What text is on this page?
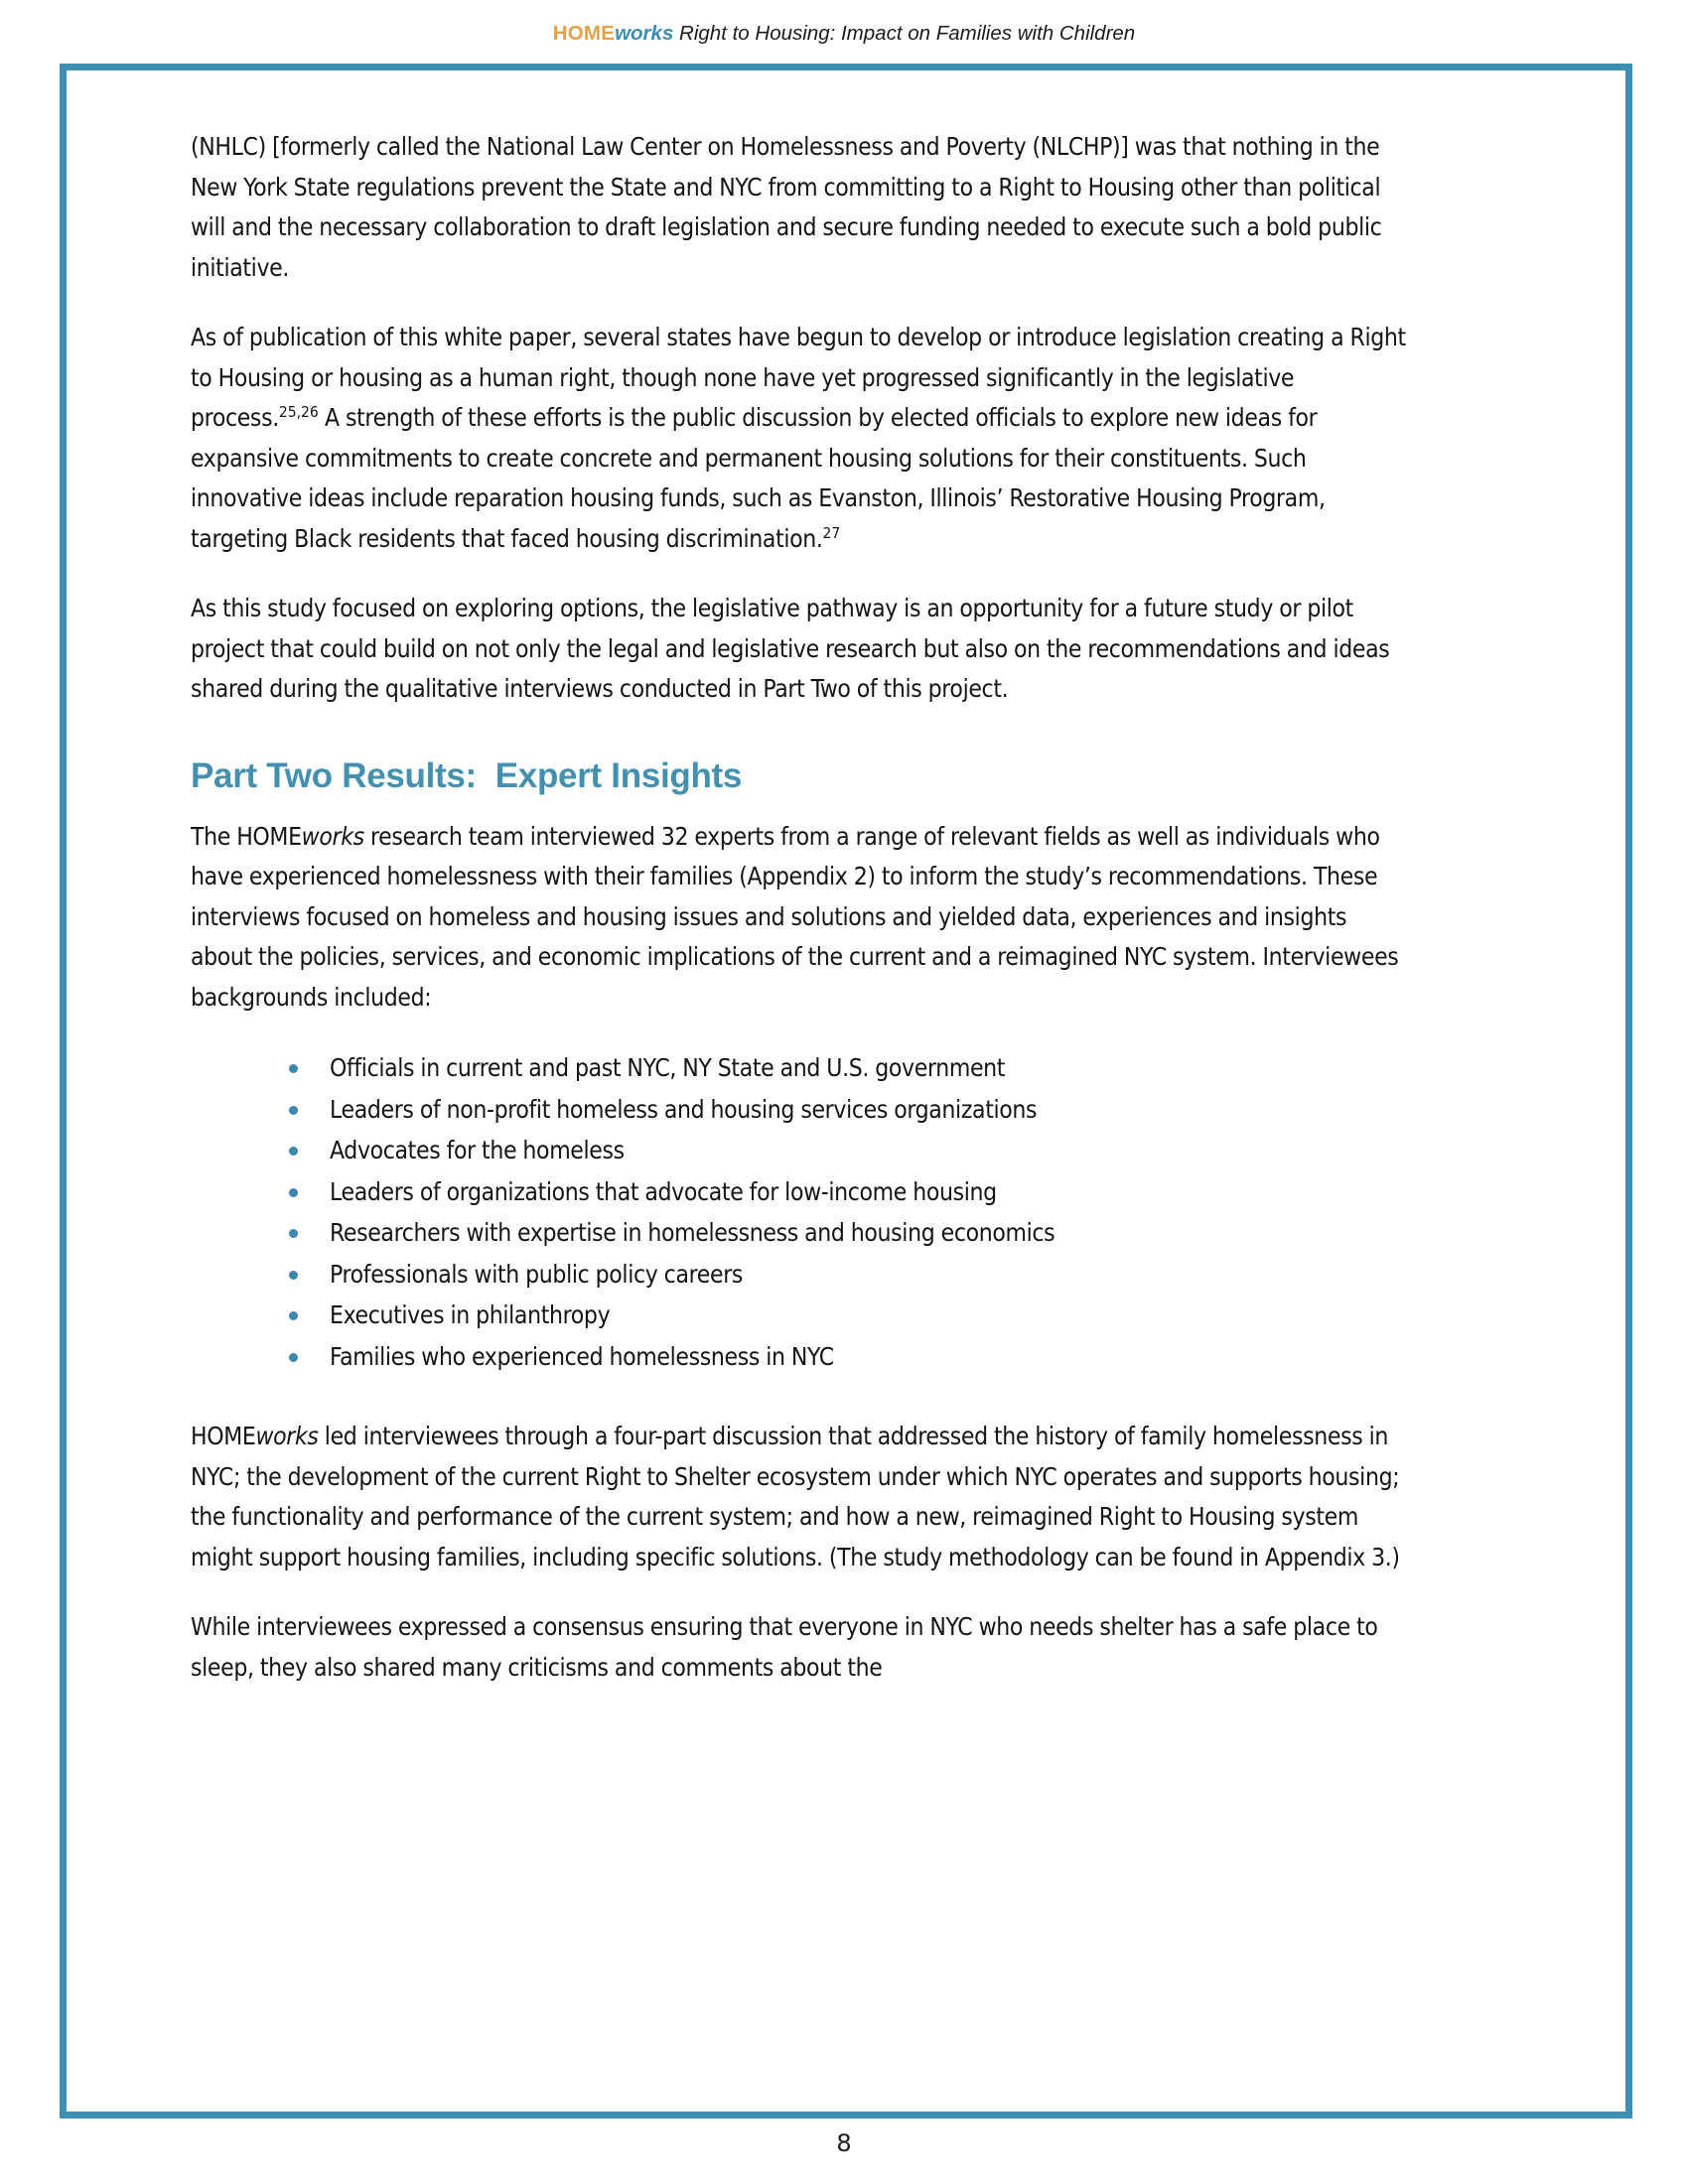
HOMEworks Right to Housing: Impact on Families with Children

(NHLC) [formerly called the National Law Center on Homelessness and Poverty (NLCHP)] was that nothing in the New York State regulations prevent the State and NYC from committing to a Right to Housing other than political will and the necessary collaboration to draft legislation and secure funding needed to execute such a bold public initiative.

As of publication of this white paper, several states have begun to develop or introduce legislation creating a Right to Housing or housing as a human right, though none have yet progressed significantly in the legislative process.$^{25,26}$ A strength of these efforts is the public discussion by elected officials to explore new ideas for expansive commitments to create concrete and permanent housing solutions for their constituents. Such innovative ideas include reparation housing funds, such as Evanston, Illinois’ Restorative Housing Program, targeting Black residents that faced housing discrimination.$^{27}$

As this study focused on exploring options, the legislative pathway is an opportunity for a future study or pilot project that could build on not only the legal and legislative research but also on the recommendations and ideas shared during the qualitative interviews conducted in Part Two of this project.

Part Two Results:  Expert Insights

The HOMEworks research team interviewed 32 experts from a range of relevant fields as well as individuals who have experienced homelessness with their families (Appendix 2) to inform the study’s recommendations. These interviews focused on homeless and housing issues and solutions and yielded data, experiences and insights about the policies, services, and economic implications of the current and a reimagined NYC system. Interviewees backgrounds included:

Officials in current and past NYC, NY State and U.S. government
Leaders of non-profit homeless and housing services organizations
Advocates for the homeless
Leaders of organizations that advocate for low-income housing
Researchers with expertise in homelessness and housing economics
Professionals with public policy careers
Executives in philanthropy
Families who experienced homelessness in NYC

HOMEworks led interviewees through a four-part discussion that addressed the history of family homelessness in NYC; the development of the current Right to Shelter ecosystem under which NYC operates and supports housing; the functionality and performance of the current system; and how a new, reimagined Right to Housing system might support housing families, including specific solutions. (The study methodology can be found in Appendix 3.)

While interviewees expressed a consensus ensuring that everyone in NYC who needs shelter has a safe place to sleep, they also shared many criticisms and comments about the

8
